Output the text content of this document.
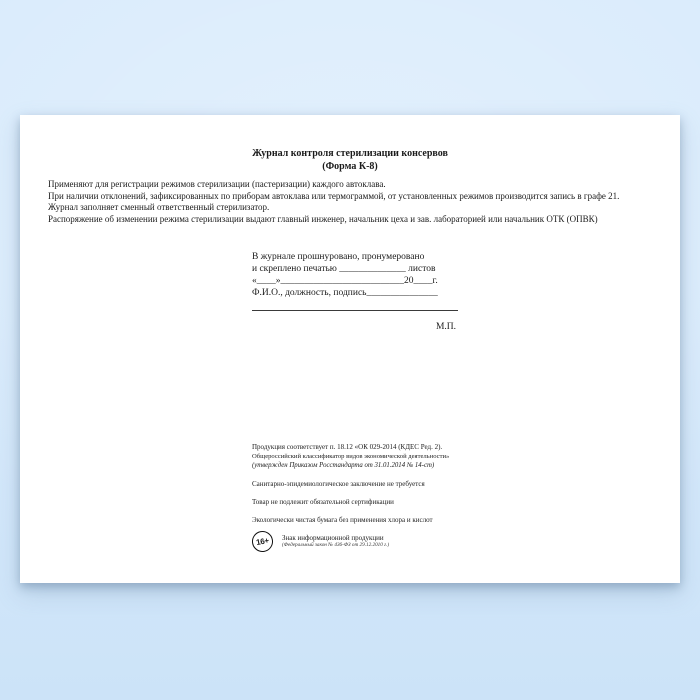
Журнал контроля стерилизации консервов
(Форма К-8)
Применяют для регистрации режимов стерилизации (пастеризации) каждого автоклава.
При наличии отклонений, зафиксированных по приборам автоклава или термограммой, от установленных режимов производится запись в графе 21.
Журнал заполняет сменный ответственный стерилизатор.
Распоряжение об изменении режима стерилизации выдают главный инженер, начальник цеха и зав. лабораторией или начальник ОТК (ОПВК)
В журнале прошнуровано, пронумеровано
и скреплено печатью ______________ листов
«____»__________________________20____г.
Ф.И.О., должность, подпись_______________
М.П.
Продукция соответствует п. 18.12 «ОК 029-2014 (КДЕС Ред. 2).
Общероссийский классификатор видов экономической деятельности»
(утвержден Приказом Росстандарта от 31.01.2014 № 14-ст)
Санитарно-эпидемиологическое заключение не требуется
Товар не подлежит обязательной сертификации
Экологически чистая бумага без применения хлора и кислот
16+	Знак информационной продукции
(Федеральный закон № 436-ФЗ от 29.12.2010 г.)
